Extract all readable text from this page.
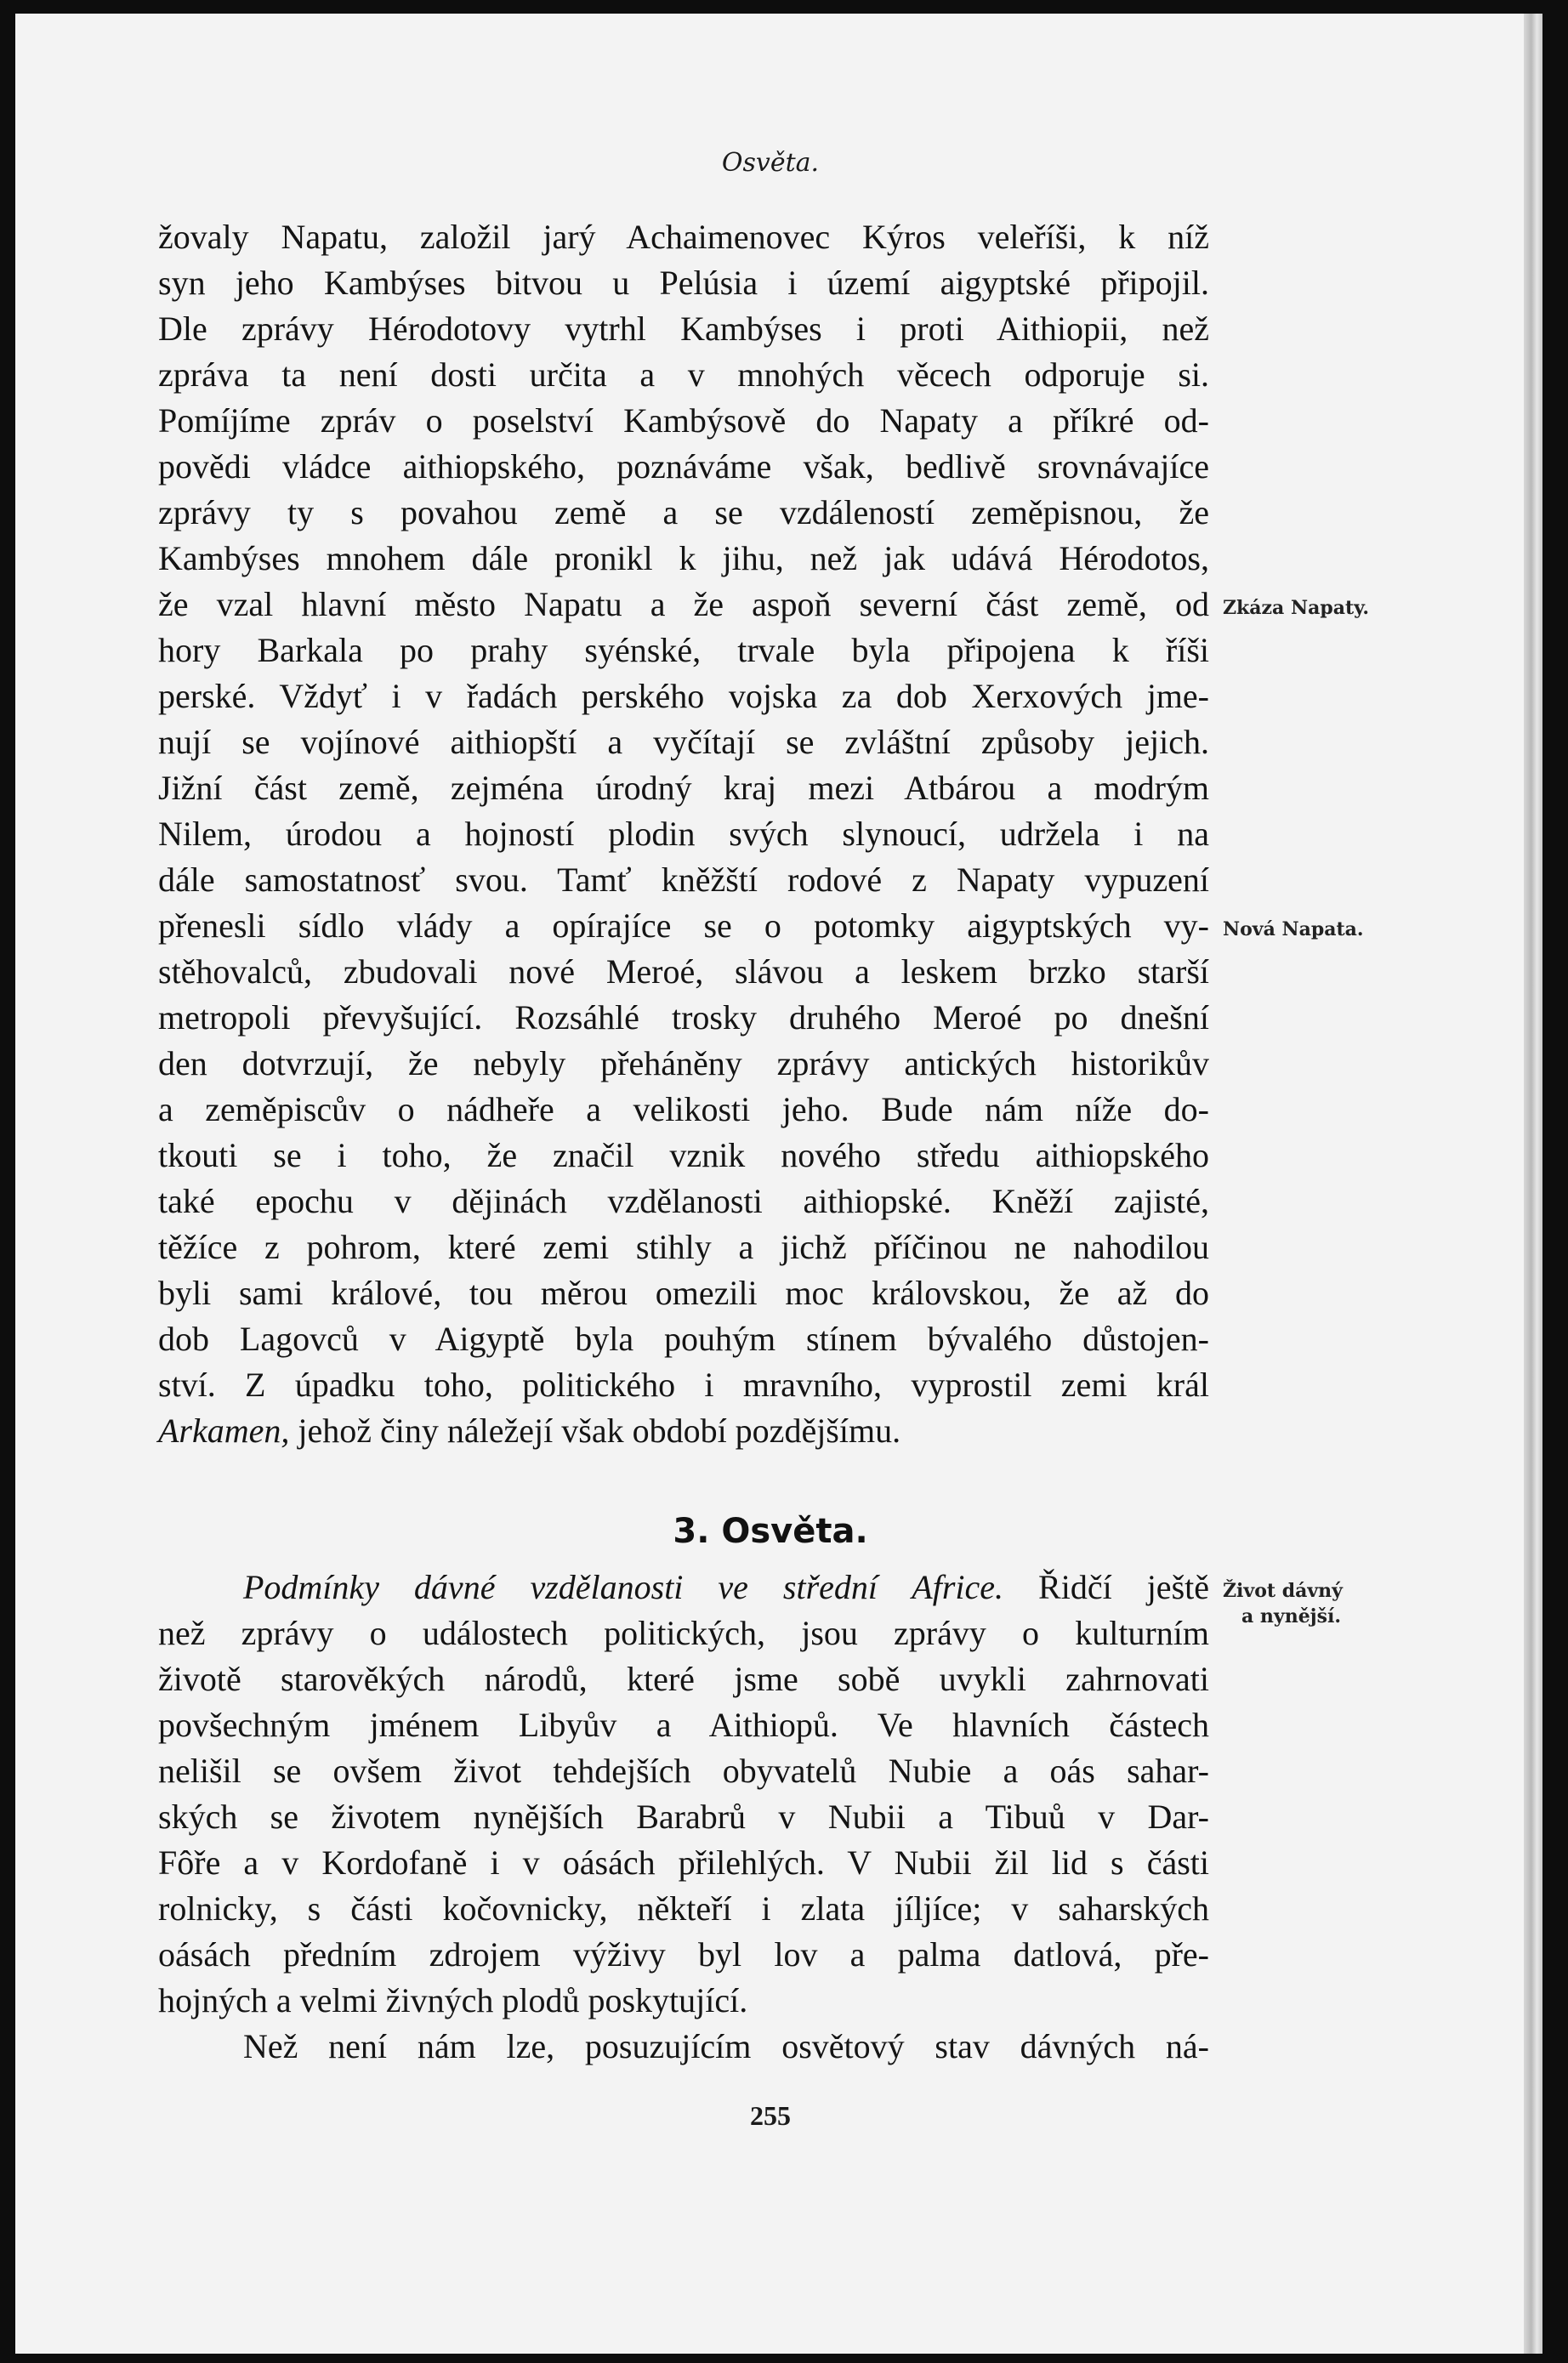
Osvěta.
žovaly Napatu, založil jarý Achaimenovec Kýros veleříši, k níž
syn jeho Kambýses bitvou u Pelúsia i území aigyptské připojil.
Dle zprávy Hérodotovy vytrhl Kambýses i proti Aithiopii, než
zpráva ta není dosti určita a v mnohých věcech odporuje si.
Pomíjíme zpráv o poselství Kambýsově do Napaty a příkré od-
povědi vládce aithiopského, poznáváme však, bedlivě srovnávajíce
zprávy ty s povahou země a se vzdáleností zeměpisnou, že
Kambýses mnohem dále pronikl k jihu, než jak udává Hérodotos,
že vzal hlavní město Napatu a že aspoň severní část země, od
hory Barkala po prahy syénské, trvale byla připojena k říši
perské. Vždyť i v řadách perského vojska za dob Xerxových jme-
nují se vojínové aithiopští a vyčítají se zvláštní způsoby jejich.
Jižní část země, zejména úrodný kraj mezi Atbárou a modrým
Nilem, úrodou a hojností plodin svých slynoucí, udržela i na
dále samostatnosť svou. Tamť kněžští rodové z Napaty vypuzení
přenesli sídlo vlády a opírajíce se o potomky aigyptských vy-
stěhovalců, zbudovali nové Meroé, slávou a leskem brzko starší
metropoli převyšující. Rozsáhlé trosky druhého Meroé po dnešní
den dotvrzují, že nebyly přeháněny zprávy antických historikův
a zeměpiscův o nádheře a velikosti jeho. Bude nám níže do-
tkouti se i toho, že značil vznik nového středu aithiopského
také epochu v dějinách vzdělanosti aithiopské. Kněží zajisté,
těžíce z pohrom, které zemi stihly a jichž příčinou ne nahodilou
byli sami králové, tou měrou omezili moc královskou, že až do
dob Lagovců v Aigyptě byla pouhým stínem bývalého důstojen-
ství. Z úpadku toho, politického i mravního, vyprostil zemi král
Arkamen, jehož činy náležejí však období pozdějšímu.
3. Osvěta.
Podmínky dávné vzdělanosti ve střední Africe. Řidčí ještě
než zprávy o událostech politických, jsou zprávy o kulturním
životě starověkých národů, které jsme sobě uvykli zahrnovati
povšechným jménem Libyův a Aithiopů. Ve hlavních částech
nelišil se ovšem život tehdejších obyvatelů Nubie a oás sahar-
ských se životem nynějších Barabrů v Nubii a Tibuů v Dar-
Fôře a v Kordofaně i v oásách přilehlých. V Nubii žil lid s části
rolnicky, s části kočovnicky, někteří i zlata jíljíce; v saharských
oásách předním zdrojem výživy byl lov a palma datlová, pře-
hojných a velmi živných plodů poskytující.
Než není nám lze, posuzujícím osvětový stav dávných ná-
Zkáza Napaty.
Nová Napata.
Život dávný
a nynější.
255
